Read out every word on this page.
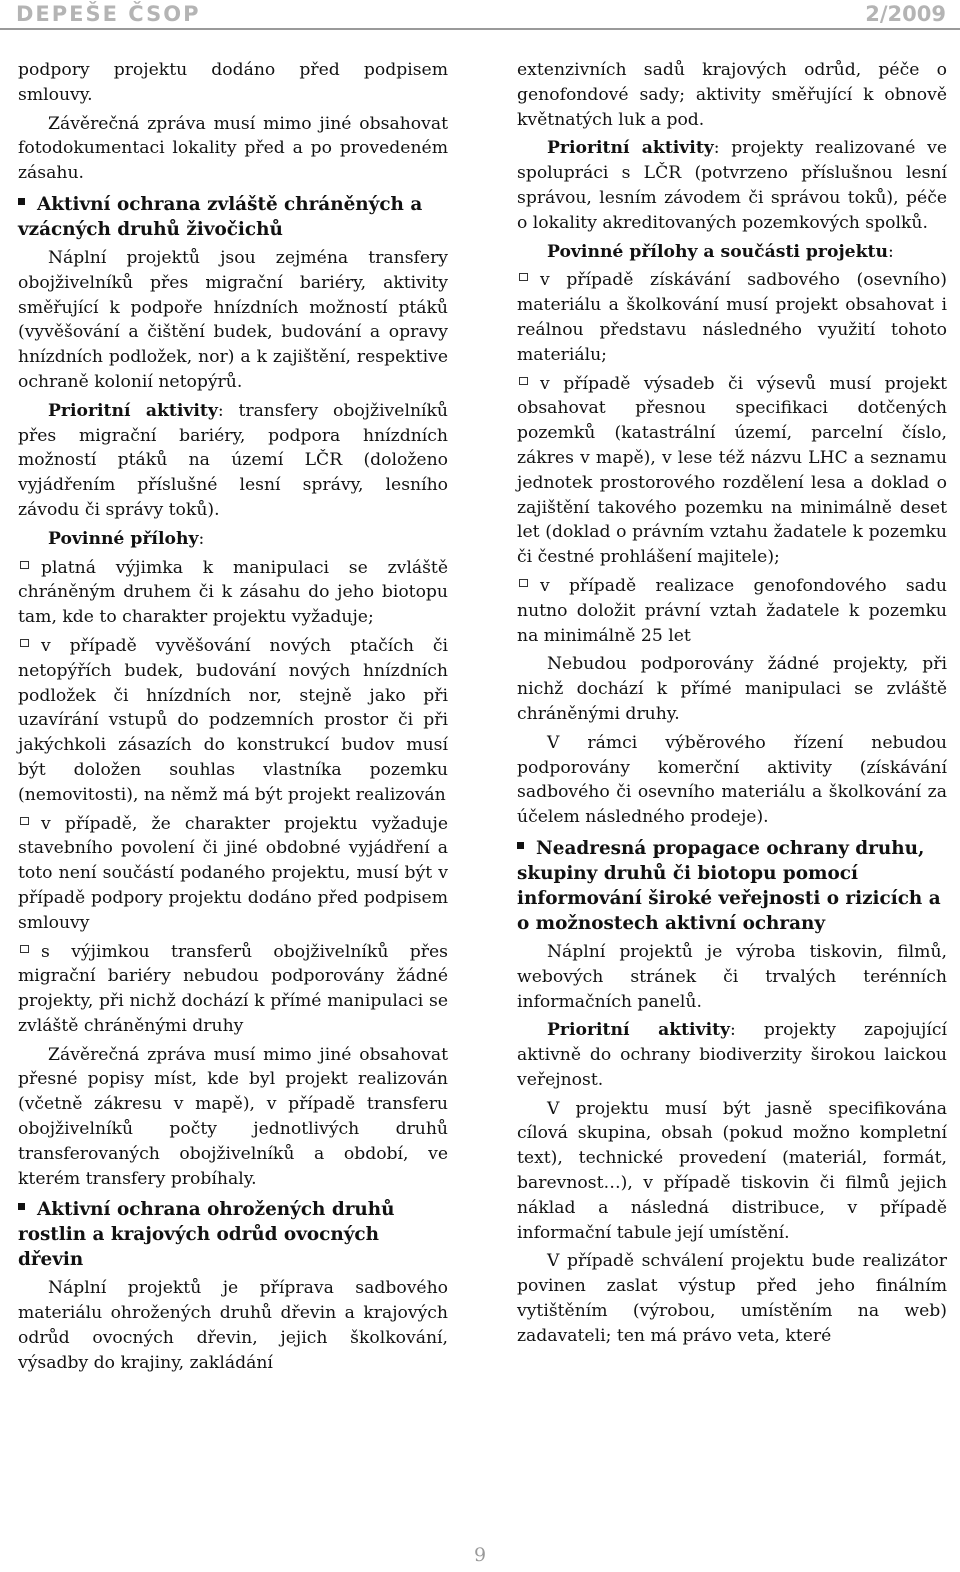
DEPEŠE ČSOP	2/2009

podpory projektu dodáno před podpisem smlouvy.

Závěrečná zpráva musí mimo jiné obsahovat fotodokumentaci lokality před a po provedeném zásahu.

Aktivní ochrana zvláště chráněných a vzácných druhů živočichů

Náplní projektů jsou zejména transfery obojživelníků přes migrační bariéry, aktivity směřující k podpoře hnízdních možností ptáků (vyvěšování a čištění budek, budování a opravy hnízdních podložek, nor) a k zajištění, respektive ochraně kolonií netopýrů.

Prioritní aktivity: transfery obojživelníků přes migrační bariéry, podpora hnízdních možností ptáků na území LČR (doloženo vyjádřením příslušné lesní správy, lesního závodu či správy toků).

Povinné přílohy:

platná výjimka k manipulaci se zvláště chráněným druhem či k zásahu do jeho biotopu tam, kde to charakter projektu vyžaduje;

v případě vyvěšování nových ptačích či netopýřích budek, budování nových hnízdních podložek či hnízdních nor, stejně jako při uzavírání vstupů do podzemních prostor či při jakýchkoli zásazích do konstrukcí budov musí být doložen souhlas vlastníka pozemku (nemovitosti), na němž má být projekt realizován

v případě, že charakter projektu vyžaduje stavebního povolení či jiné obdobné vyjádření a toto není součástí podaného projektu, musí být v případě podpory projektu dodáno před podpisem smlouvy

s výjimkou transferů obojživelníků přes migrační bariéry nebudou podporovány žádné projekty, při nichž dochází k přímé manipulaci se zvláště chráněnými druhy

Závěrečná zpráva musí mimo jiné obsahovat přesné popisy míst, kde byl projekt realizován (včetně zákresu v mapě), v případě transferu obojživelníků počty jednotlivých druhů transferovaných obojživelníků a období, ve kterém transfery probíhaly.

Aktivní ochrana ohrožených druhů rostlin a krajových odrůd ovocných dřevin

Náplní projektů je příprava sadbového materiálu ohrožených druhů dřevin a krajových odrůd ovocných dřevin, jejich školkování, výsadby do krajiny, zakládání

extenzivních sadů krajových odrůd, péče o genofondové sady; aktivity směřující k obnově květnatých luk a pod.

Prioritní aktivity: projekty realizované ve spolupráci s LČR (potvrzeno příslušnou lesní správou, lesním závodem či správou toků), péče o lokality akreditovaných pozemkových spolků.

Povinné přílohy a součásti projektu:

v případě získávání sadbového (osevního) materiálu a školkování musí projekt obsahovat i reálnou představu následného využití tohoto materiálu;

v případě výsadeb či výsevů musí projekt obsahovat přesnou specifikaci dotčených pozemků (katastrální území, parcelní číslo, zákres v mapě), v lese též názvu LHC a seznamu jednotek prostorového rozdělení lesa a doklad o zajištění takového pozemku na minimálně deset let (doklad o právním vztahu žadatele k pozemku či čestné prohlášení majitele);

v případě realizace genofondového sadu nutno doložit právní vztah žadatele k pozemku na minimálně 25 let

Nebudou podporovány žádné projekty, při nichž dochází k přímé manipulaci se zvláště chráněnými druhy.

V rámci výběrového řízení nebudou podporovány komerční aktivity (získávání sadbového či osevního materiálu a školkování za účelem následného prodeje).

Neadresná propagace ochrany druhu, skupiny druhů či biotopu pomocí informování široké veřejnosti o rizicích a o možnostech aktivní ochrany

Náplní projektů je výroba tiskovin, filmů, webových stránek či trvalých terénních informačních panelů.

Prioritní aktivity: projekty zapojující aktivně do ochrany biodiverzity širokou laickou veřejnost.

V projektu musí být jasně specifikována cílová skupina, obsah (pokud možno kompletní text), technické provedení (materiál, formát, barevnost…), v případě tiskovin či filmů jejich náklad a následná distribuce, v případě informační tabule její umístění.

V případě schválení projektu bude realizátor povinen zaslat výstup před jeho finálním vytištěním (výrobou, umístěním na web) zadavateli; ten má právo veta, které

9
